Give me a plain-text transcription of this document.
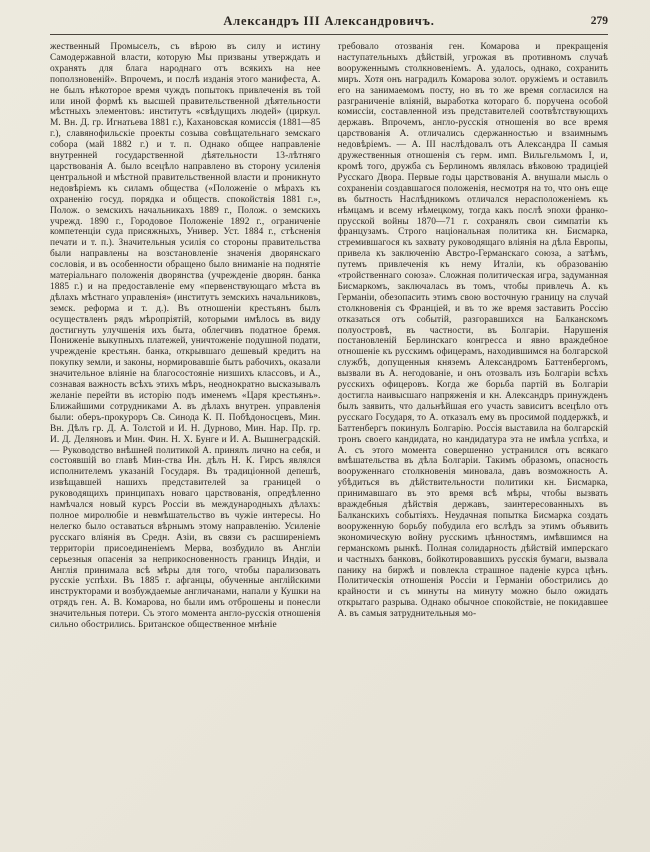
Александръ III Александровичъ.	279
жественный Промыселъ, съ вѣрою въ силу и истину Самодержавной власти, которую Мы призваны утверждать и охранять для блага народнаго отъ всякихъ на нее поползновеній». Впрочемъ, и послѣ изданія этого манифеста, А. не былъ нѣкоторое время чуждъ попытокъ привлеченія въ той или иной формѣ къ высшей правительственной дѣятельности мѣстныхъ элементовъ: институтъ «свѣдущихъ людей» (циркул. М. Вн. Д. гр. Игнатьева 1881 г.), Кахановская комиссія (1881—85 г.), славянофильскіе проекты созыва совѣщательнаго земскаго собора (май 1882 г.) и т. п. Однако общее направленіе внутренней государственной дѣятельности 13-лѣтняго царствованія А. было всецѣло направлено въ сторону усиленія центральной и мѣстной правительственной власти и проникнуто недовѣріемъ къ силамъ общества («Положеніе о мѣрахъ къ охраненію госуд. порядка и обществ. спокойствія 1881 г.», Полож. о земскихъ начальникахъ 1889 г., Полож. о земскихъ учрежд. 1890 г., Городовое Положеніе 1892 г., ограниченіе компетенціи суда присяжныхъ, Универ. Уст. 1884 г., стѣсненія печати и т. п.). Значительныя усилія со стороны правительства были направлены на возстановленіе значенія дворянскаго сословія, и въ особенности обращено было вниманіе на поднятіе матеріальнаго положенія дворянства (учрежденіе дворян. банка 1885 г.) и на предоставленіе ему «первенствующаго мѣста въ дѣлахъ мѣстнаго управленія» (институтъ земскихъ начальниковъ, земск. реформа и т. д.). Въ отношеніи крестьянъ былъ осуществленъ рядъ мѣропріятій, которыми имѣлось въ виду достигнуть улучшенія ихъ быта, облегчивъ податное бремя. Пониженіе выкупныхъ платежей, уничтоженіе подушной подати, учрежденіе крестьян. банка, открывшаго дешевый кредитъ на покупку земли, и законы, нормировавшіе бытъ рабочихъ, оказали значительное вліяніе на благосостояніе низшихъ классовъ, и А., сознавая важность всѣхъ этихъ мѣръ, неоднократно высказывалъ желаніе перейти въ исторію подъ именемъ «Царя крестьянъ». Ближайшими сотрудниками А. въ дѣлахъ внутрен. управленія были: оберъ-прокуроръ Св. Синода К. П. Побѣдоносцевъ, Мин. Вн. Дѣлъ гр. Д. А. Толстой и И. Н. Дурново, Мин. Нар. Пр. гр. И. Д. Деляновъ и Мин. Фин. Н. Х. Бунге и И. А. Вышнеградскій. — Руководство внѣшней политикой А. принялъ лично на себя, и состоявшій во главѣ Мин-ства Ин. дѣлъ Н. К. Гирсъ являлся исполнителемъ указаній Государя. Въ традиціонной депешѣ, извѣщавшей нашихъ представителей за границей о руководящихъ принципахъ новаго царствованія, опредѣленно намѣчался новый курсъ Россіи въ международныхъ дѣлахъ: полное миролюбіе и невмѣшательство въ чужіе интересы. Но нелегко было оставаться вѣрнымъ этому направленію. Усиленіе русскаго вліянія въ Средн. Азіи, въ связи съ расширеніемъ территоріи присоединеніемъ Мерва, возбудило въ Англіи серьезныя опасенія за неприкосновенность границъ Индіи, и Англія принимала всѣ мѣры для того, чтобы парализовать русскіе успѣхи. Въ 1885 г. афганцы, обученные англійскими инструкторами и возбуждаемые англичанами, напали у Кушки на отрядъ ген. А. В. Комарова, но были имъ отброшены и понесли значительныя потери. Съ этого момента англо-русскія отношенія сильно обострились. Британское общественное мнѣніе
требовало отозванія ген. Комарова и прекращенія наступательныхъ дѣйствій, угрожая въ противномъ случаѣ вооруженнымъ столкновеніемъ. А. удалось, однако, сохранить миръ. Хотя онъ наградилъ Комарова золот. оружіемъ и оставилъ его на занимаемомъ посту, но въ то же время согласился на разграниченіе вліяній, выработка котораго б. поручена особой комиссіи, составленной изъ представителей соотвѣтствующихъ державъ. Впрочемъ, англо-русскія отношенія во все время царствованія А. отличались сдержанностью и взаимнымъ недовѣріемъ. — А. III наслѣдовалъ отъ Александра II самыя дружественныя отношенія съ герм. имп. Вильгельмомъ I, и, кромѣ того, дружба съ Берлиномъ являлась вѣковою традиціей Русскаго Двора. Первые годы царствованія А. внушали мысль о сохраненіи создавшагося положенія, несмотря на то, что онъ еще въ бытность Наслѣдникомъ отличался нерасположеніемъ къ нѣмцамъ и всему нѣмецкому, тогда какъ послѣ эпохи франко-прусской войны 1870—71 г. сохранялъ свои симпатіи къ французамъ. Строго національная политика кн. Бисмарка, стремившагося къ захвату руководящаго вліянія на дѣла Европы, привела къ заключенію Австро-Германскаго союза, а затѣмъ, путемъ привлеченія къ нему Италіи, къ образованію «тройственнаго союза». Сложная политическая игра, задуманная Бисмаркомъ, заключалась въ томъ, чтобы привлечь А. къ Германіи, обезопасить этимъ свою восточную границу на случай столкновенія съ Франціей, и въ то же время заставить Россію отказаться отъ событій, разгоравшихся на Балканскомъ полуостровѣ, въ частности, въ Болгаріи. Нарушенія постановленій Берлинскаго конгресса и явно враждебное отношеніе къ русскимъ офицерамъ, находившимся на болгарской службѣ, допущенныя княземъ Александромъ Баттенбергомъ, вызвали въ А. негодованіе, и онъ отозвалъ изъ Болгаріи всѣхъ русскихъ офицеровъ. Когда же борьба партій въ Болгаріи достигла наивысшаго напряженія и кн. Александръ принужденъ былъ заявить, что дальнѣйшая его участь зависитъ всецѣло отъ русскаго Государя, то А. отказалъ ему въ просимой поддержкѣ, и Баттенбергъ покинулъ Болгарію. Россія выставила на болгарскій тронъ своего кандидата, но кандидатура эта не имѣла успѣха, и А. съ этого момента совершенно устранился отъ всякаго вмѣшательства въ дѣла Болгаріи. Такимъ образомъ, опасность вооруженнаго столкновенія миновала, давъ возможность А. убѣдиться въ дѣйствительности политики кн. Бисмарка, принимавшаго въ это время всѣ мѣры, чтобы вызвать враждебныя дѣйствія державъ, заинтересованныхъ въ Балканскихъ событіяхъ. Неудачная попытка Бисмарка создать вооруженную борьбу побудила его вслѣдъ за этимъ объявить экономическую войну русскимъ цѣнностямъ, имѣвшимся на германскомъ рынкѣ. Полная солидарность дѣйствій имперскаго и частныхъ банковъ, бойкотировавшихъ русскія бумаги, вызвала панику на биржѣ и повлекла страшное паденіе курса цѣнъ. Политическія отношенія Россіи и Германіи обострились до крайности и съ минуты на минуту можно было ожидать открытаго разрыва. Однако обычное спокойствіе, не покидавшее А. въ самыя затруднительныя мо-
